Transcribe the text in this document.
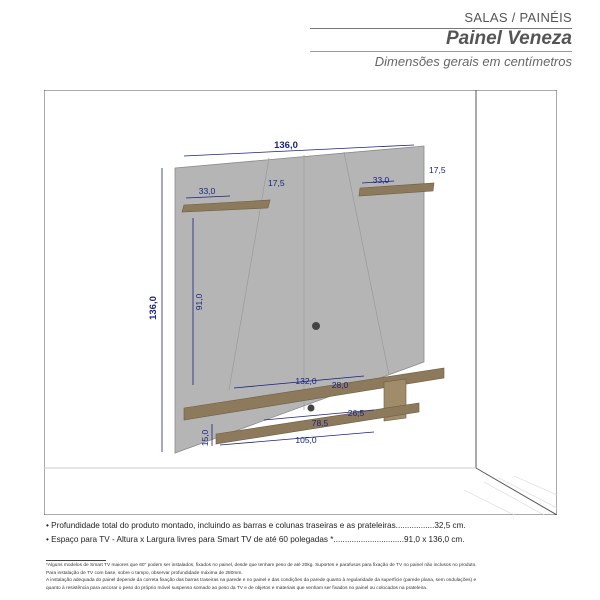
SALAS / PAINÉIS
Painel Veneza
Dimensões gerais em centímetros
136,0
136,0
33,0
17,5	33,0
17,5
91,0
132,0 28,0
26,5
78,5
15,0	105,0
• Profundidade total do produto montado, incluindo as barras e colunas traseiras e as prateleiras.................32,5 cm.
• Espaço para TV - Altura x Largura livres para Smart TV de até 60 polegadas *...............................91,0 x 136,0 cm.
*Alguns modelos de Smart TV maiores que 60" podem ser instalados, fixados no painel, desde que tenham peso de até 20kg. Suportes e parafusos para fixação de TV no painel não inclusos no produto.
Para instalação de TV com base, sobre o tampo, observar profundidade máxima de 280mm.
A instalação adequada do painel depende da correta fixação das barras traseiras na parede e no painel e das condições da parede quanto à regularidade da superfície (parede plana, sem ondulações) e
quanto à resistência para ancorar o peso do próprio móvel suspenso somado ao peso da TV e de objetos e materiais que venham ser fixados no painel ou colocados na prateleira.
